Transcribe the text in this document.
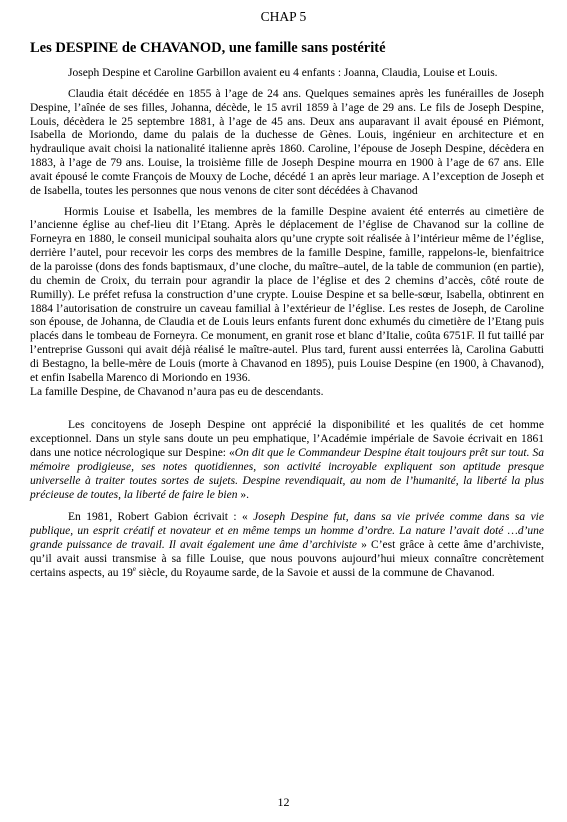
CHAP 5
Les DESPINE de CHAVANOD, une famille sans postérité

Joseph Despine et Caroline Garbillon avaient eu 4 enfants : Joanna, Claudia, Louise et Louis.

Claudia était décédée en 1855 à l’age de 24 ans. Quelques semaines après les funérailles de Joseph Despine, l’aînée de ses filles, Johanna, décède, le 15 avril 1859 à l’age de 29 ans. Le fils de Joseph Despine, Louis, décèdera le 25 septembre 1881, à l’age de 45 ans. Deux ans auparavant il avait épousé en Piémont, Isabella de Moriondo, dame du palais de la duchesse de Gènes. Louis, ingénieur en architecture et en hydraulique avait choisi la nationalité italienne après 1860. Caroline, l’épouse de Joseph Despine, décèdera en 1883, à l’age de 79 ans. Louise, la troisième fille de Joseph Despine mourra en 1900 à l’age de 67 ans. Elle avait épousé le comte François de Mouxy de Loche, décédé 1 an après leur mariage. A l’exception de Joseph et de Isabella, toutes les personnes que nous venons de citer sont décédées à Chavanod

Hormis Louise et Isabella, les membres de la famille Despine avaient été enterrés au cimetière de l’ancienne église au chef-lieu dit l’Etang. Après le déplacement de l’église de Chavanod sur la colline de Forneyra en 1880, le conseil municipal souhaita alors qu’une crypte soit réalisée à l’intérieur même de l’église, derrière l’autel, pour recevoir les corps des membres de la famille Despine, famille, rappelons-le, bienfaitrice de la paroisse (dons des fonds baptismaux, d’une cloche, du maître–autel, de la table de communion (en partie), du chemin de Croix, du terrain pour agrandir la place de l’église et des 2 chemins d’accès, côté route de Rumilly). Le préfet refusa la construction d’une crypte. Louise Despine et sa belle-sœur, Isabella, obtinrent en 1884 l’autorisation de construire un caveau familial à l’extérieur de l’église. Les restes de Joseph, de Caroline son épouse, de Johanna, de Claudia et de Louis leurs enfants furent donc exhumés du cimetière de l’Etang puis placés dans le tombeau de Forneyra. Ce monument, en granit rose et blanc d’Italie, coûta 6751F. Il fut taillé par l’entreprise Gussoni qui avait déjà réalisé le maître-autel. Plus tard, furent aussi enterrées là, Carolina Gabutti di Bestagno, la belle-mère de Louis (morte à Chavanod en 1895), puis Louise Despine (en 1900, à Chavanod), et enfin Isabella Marenco di Moriondo en 1936.

La famille Despine, de Chavanod n’aura pas eu de descendants.

Les concitoyens de Joseph Despine ont apprécié la disponibilité et les qualités de cet homme exceptionnel. Dans un style sans doute un peu emphatique, l’Académie impériale de Savoie écrivait en 1861 dans une notice nécrologique sur Despine: «On dit que le Commandeur Despine était toujours prêt sur tout. Sa mémoire prodigieuse, ses notes quotidiennes, son activité incroyable expliquent son aptitude presque universelle à traiter toutes sortes de sujets. Despine revendiquait, au nom de l’humanité, la liberté la plus précieuse de toutes, la liberté de faire le bien ».

En 1981, Robert Gabion écrivait : « Joseph Despine fut, dans sa vie privée comme dans sa vie publique, un esprit créatif et novateur et en même temps un homme d’ordre. La nature l’avait doté …d’une grande puissance de travail. Il avait également une âme d’archiviste » C’est grâce à cette âme d’archiviste, qu’il avait aussi transmise à sa fille Louise, que nous pouvons aujourd’hui mieux connaître concrètement certains aspects, au 19e siècle, du Royaume sarde, de la Savoie et aussi de la commune de Chavanod.

12
